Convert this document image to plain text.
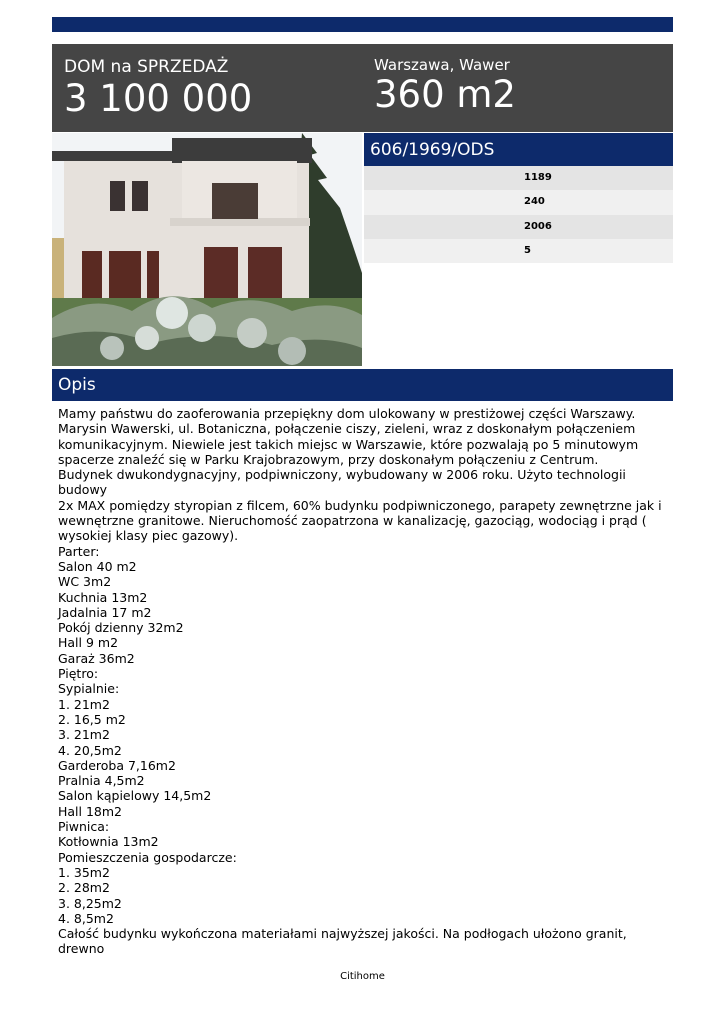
DOM na SPRZEDAŻ
3 100 000
Warszawa, Wawer
360 m2
606/1969/ODS
1189
240
2006
5
Opis

Mamy państwu do zaoferowania przepiękny dom ulokowany w prestiżowej części Warszawy.

Marysin Wawerski, ul. Botaniczna, połączenie ciszy, zieleni, wraz z doskonałym połączeniem

komunikacyjnym. Niewiele jest takich miejsc w Warszawie, które pozwalają po 5 minutowym

spacerze znaleźć się w Parku Krajobrazowym, przy doskonałym połączeniu z Centrum.

Budynek dwukondygnacyjny, podpiwniczony, wybudowany w 2006 roku. Użyto technologii budowy

2x MAX pomiędzy styropian z filcem, 60% budynku podpiwniczonego, parapety zewnętrzne jak i

wewnętrzne granitowe. Nieruchomość zaopatrzona w kanalizację, gazociąg, wodociąg i prąd (

wysokiej klasy piec gazowy).

Parter:

Salon 40 m2

WC 3m2

Kuchnia 13m2

Jadalnia 17 m2

Pokój dzienny 32m2

Hall 9 m2

Garaż 36m2

Piętro:

Sypialnie:

1. 21m2

2. 16,5 m2

3. 21m2

4. 20,5m2

Garderoba 7,16m2

Pralnia 4,5m2

Salon kąpielowy 14,5m2

Hall 18m2

Piwnica:

Kotłownia 13m2

Pomieszczenia gospodarcze:

1. 35m2

2. 28m2

3. 8,25m2

4. 8,5m2

Całość budynku wykończona materiałami najwyższej jakości. Na podłogach ułożono granit, drewno

Citihome
